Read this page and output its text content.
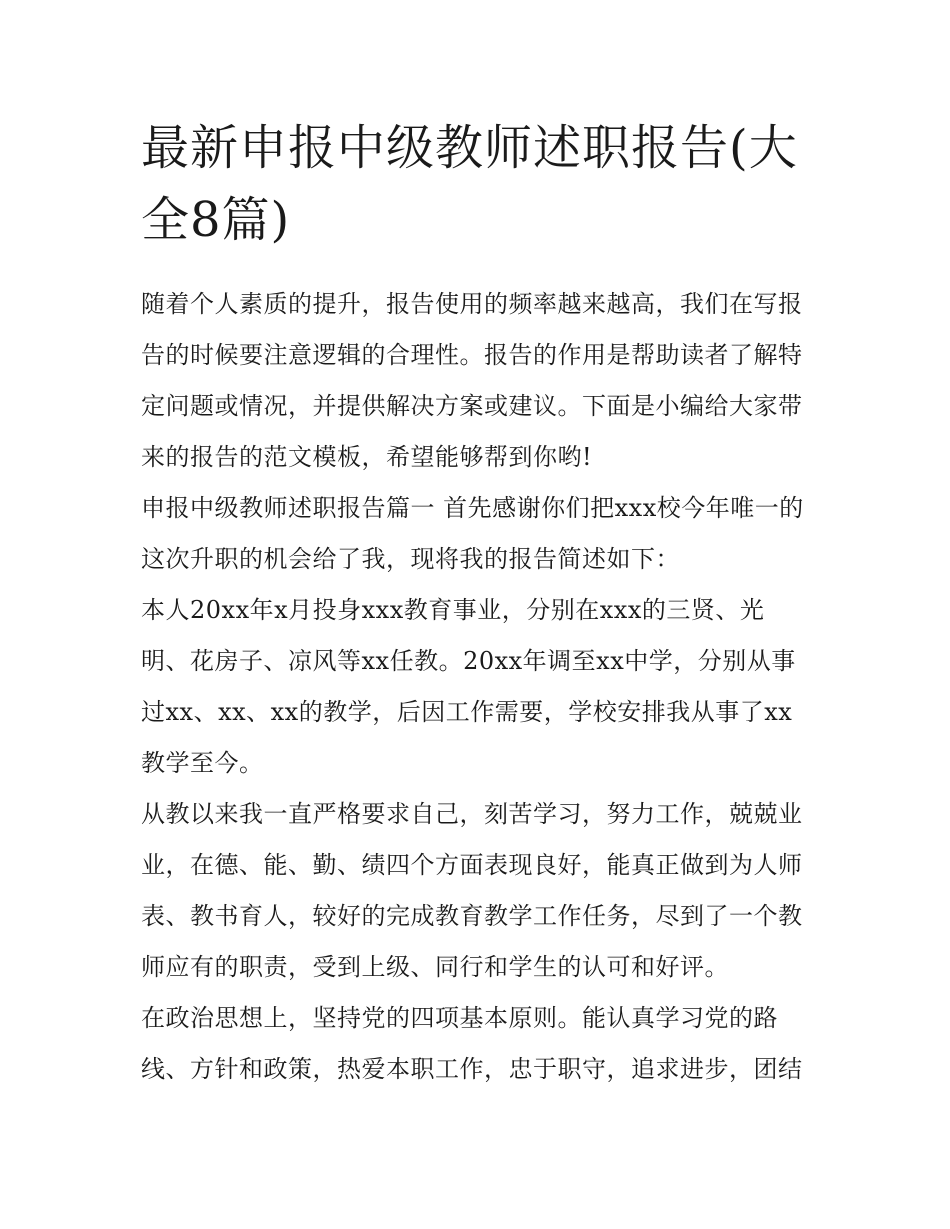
最新申报中级教师述职报告(大全8篇)

随着个人素质的提升，报告使用的频率越来越高，我们在写报告的时候要注意逻辑的合理性。报告的作用是帮助读者了解特定问题或情况，并提供解决方案或建议。下面是小编给大家带来的报告的范文模板，希望能够帮到你哟!

申报中级教师述职报告篇一 首先感谢你们把xxx校今年唯一的这次升职的机会给了我，现将我的报告简述如下：

本人20xx年x月投身xxx教育事业，分别在xxx的三贤、光明、花房子、凉风等xx任教。20xx年调至xx中学，分别从事过xx、xx、xx的教学，后因工作需要，学校安排我从事了xx教学至今。

从教以来我一直严格要求自己，刻苦学习，努力工作，兢兢业业，在德、能、勤、绩四个方面表现良好，能真正做到为人师表、教书育人，较好的完成教育教学工作任务，尽到了一个教师应有的职责，受到上级、同行和学生的认可和好评。

在政治思想上，坚持党的四项基本原则。能认真学习党的路线、方针和政策，热爱本职工作，忠于职守，追求进步，团结
